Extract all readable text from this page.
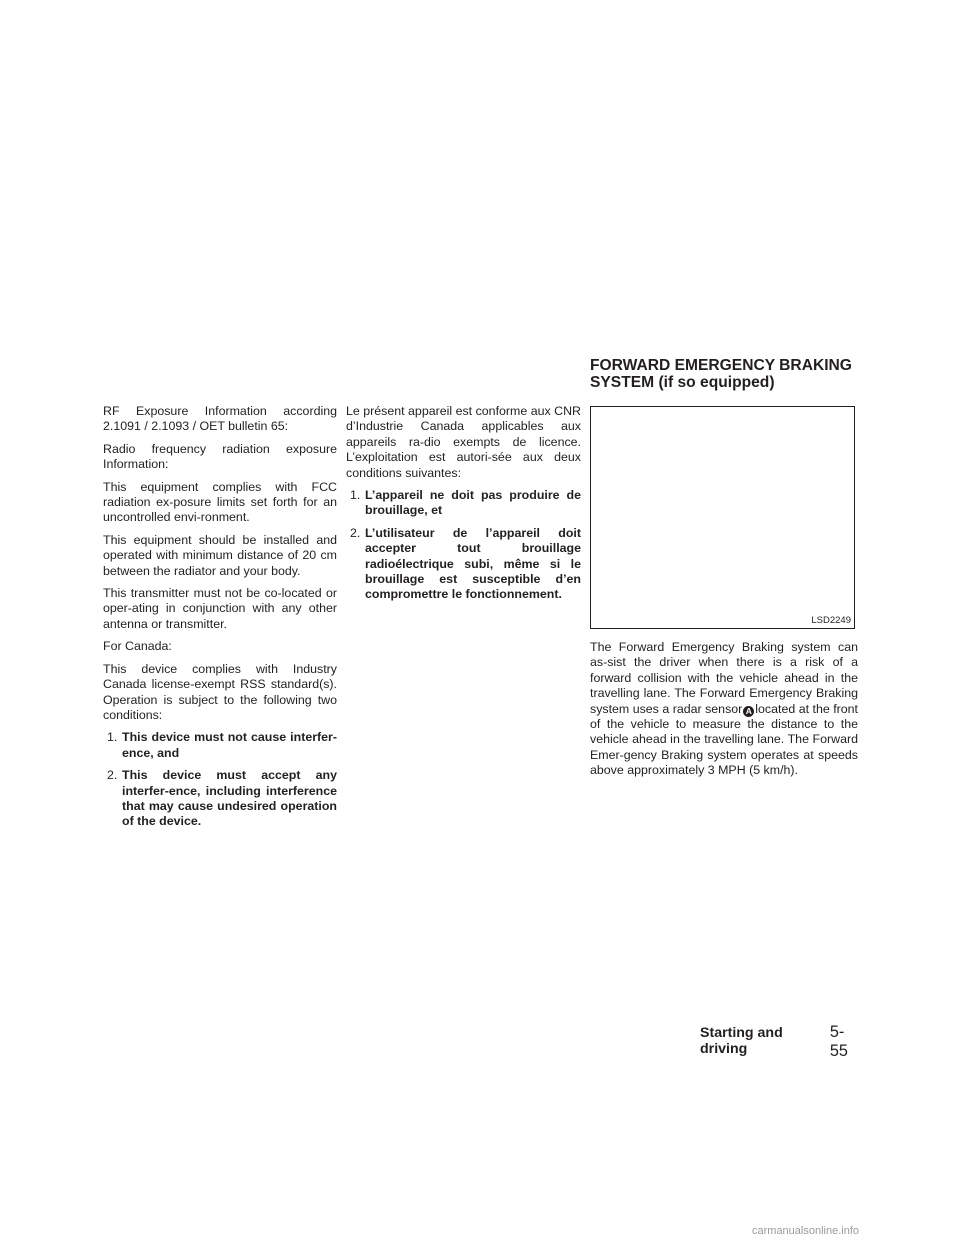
RF Exposure Information according 2.1091 / 2.1093 / OET bulletin 65:

Radio frequency radiation exposure Information:

This equipment complies with FCC radiation ex-posure limits set forth for an uncontrolled envi-ronment.

This equipment should be installed and operated with minimum distance of 20 cm between the radiator and your body.

This transmitter must not be co-located or oper-ating in conjunction with any other antenna or transmitter.

For Canada:

This device complies with Industry Canada license-exempt RSS standard(s). Operation is subject to the following two conditions:

1. This device must not cause interfer-ence, and
2. This device must accept any interfer-ence, including interference that may cause undesired operation of the device.

Le présent appareil est conforme aux CNR d’Industrie Canada applicables aux appareils ra-dio exempts de licence. L’exploitation est autori-sée aux deux conditions suivantes:

1. L’appareil ne doit pas produire de brouillage, et
2. L’utilisateur de l’appareil doit accepter tout brouillage radioélectrique subi, même si le brouillage est susceptible d’en compromettre le fonctionnement.
FORWARD EMERGENCY BRAKING
SYSTEM (if so equipped)
LSD2249

The Forward Emergency Braking system can as-sist the driver when there is a risk of a forward collision with the vehicle ahead in the travelling lane. The Forward Emergency Braking system uses a radar sensor A located at the front of the vehicle to measure the distance to the vehicle ahead in the travelling lane. The Forward Emer-gency Braking system operates at speeds above approximately 3 MPH (5 km/h).

Starting and driving
5-55
carmanualsonline.info
